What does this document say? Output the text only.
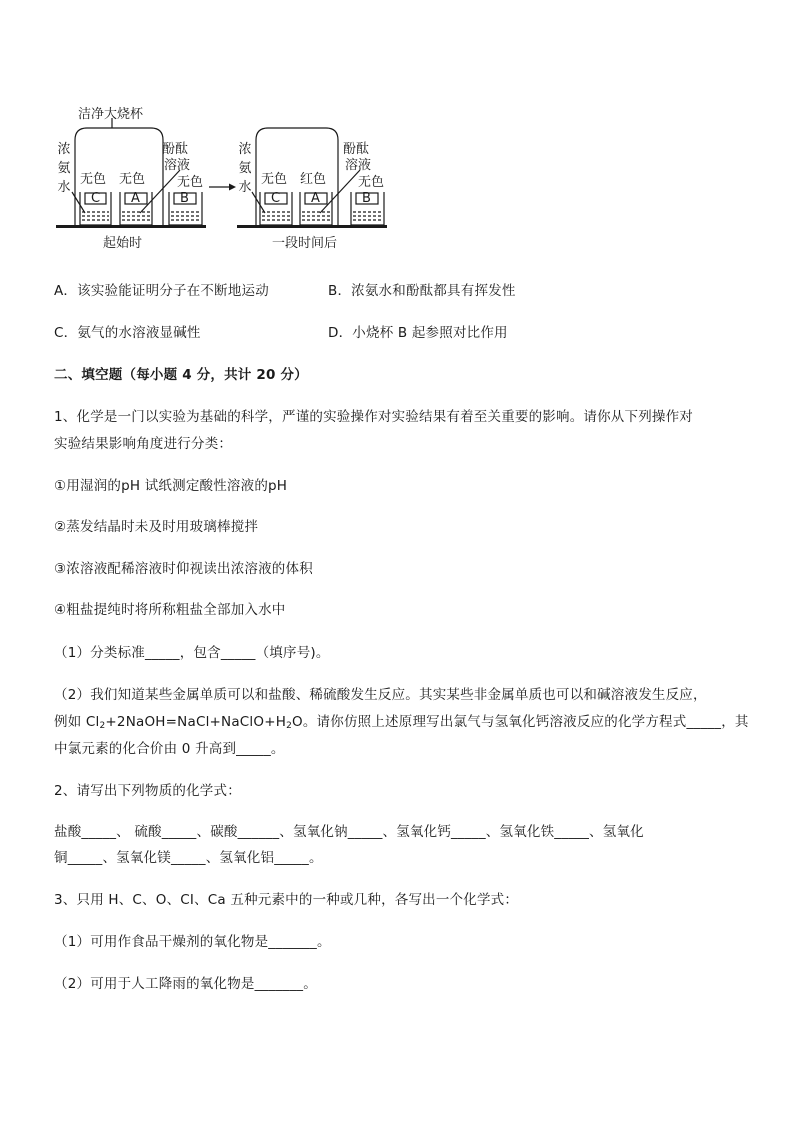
洁净大烧杯
浓
氨
水
酚酞
溶液
无色 无色 无色
C A	B
起始时
浓
氨
水
酚酞
溶液
无色 红色 无色
C A	B
一段时间后
A．该实验能证明分子在不断地运动	B．浓氨水和酚酞都具有挥发性
C．氨气的水溶液显碱性	D．小烧杯 B 起参照对比作用
二、填空题（每小题 4 分，共计 20 分）
1、化学是一门以实验为基础的科学，严谨的实验操作对实验结果有着至关重要的影响。请你从下列操作对
实验结果影响角度进行分类：
①用湿润的pH 试纸测定酸性溶液的pH
②蒸发结晶时未及时用玻璃棒搅拌
③浓溶液配稀溶液时仰视读出浓溶液的体积
④粗盐提纯时将所称粗盐全部加入水中
（1）分类标准_____，包含_____（填序号)。
（2）我们知道某些金属单质可以和盐酸、稀硫酸发生反应。其实某些非金属单质也可以和碱溶液发生反应，
例如 $Cl_2+2NaOH=NaCl+NaClO+H_2O$。请你仿照上述原理写出氯气与氢氧化钙溶液反应的化学方程式_____，其
中氯元素的化合价由 0 升高到_____。
2、请写出下列物质的化学式：
盐酸_____、 硫酸_____、碳酸______、氢氧化钠_____、氢氧化钙_____、氢氧化铁_____、氢氧化
铜_____、氢氧化镁_____、氢氧化铝_____。
3、只用 H、C、O、CI、Ca 五种元素中的一种或几种，各写出一个化学式：
（1）可用作食品干燥剂的氧化物是_______。
（2）可用于人工降雨的氧化物是_______。
